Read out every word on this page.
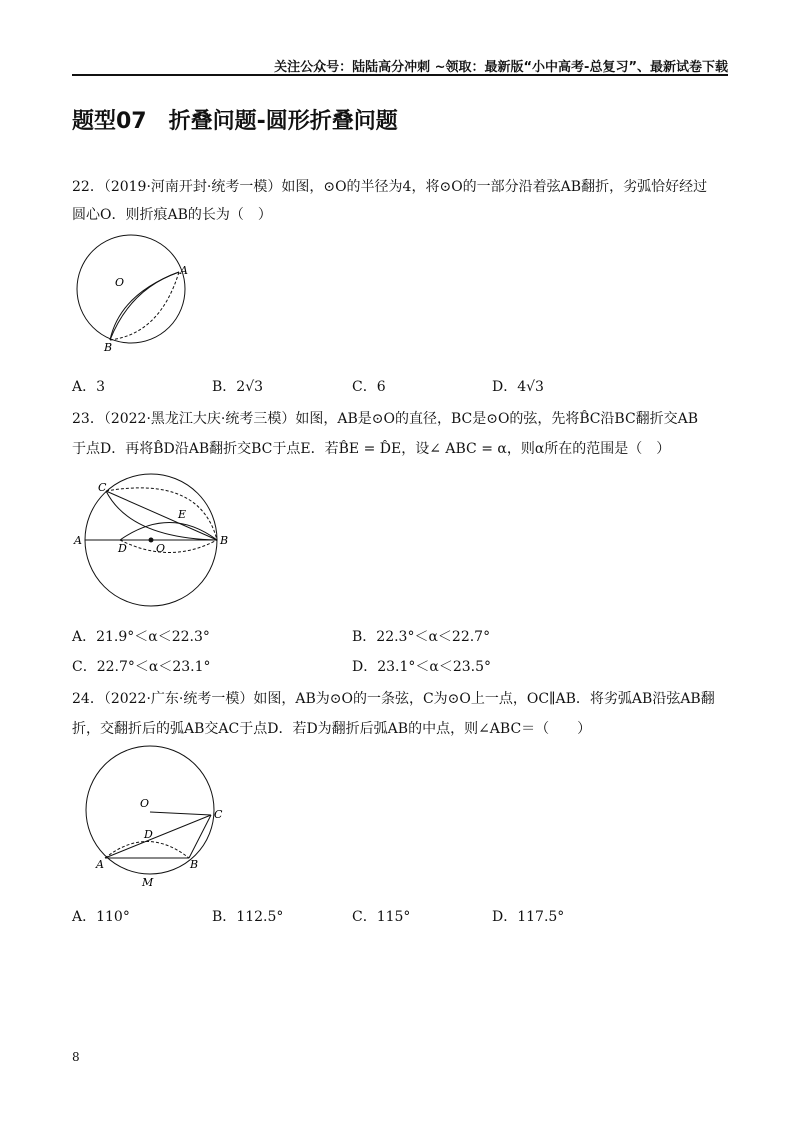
关注公众号：陆陆高分冲刺 ~领取：最新版“小中高考-总复习”、最新试卷下载
题型07　折叠问题-圆形折叠问题
22．（2019·河南开封·统考一模）如图，⊙O的半径为4，将⊙O的一部分沿着弦AB翻折，劣弧恰好经过
圆心O．则折痕AB的长为（　）
O
A
B
A．3	B．2√3	C．6	D．4√3
23．（2022·黑龙江大庆·统考三模）如图，AB是⊙O的直径，BC是⊙O的弦，先将B̂C沿BC翻折交AB
于点D．再将B̂D沿AB翻折交BC于点E．若B̂E = D̂E，设∠ ABC = α，则α所在的范围是（　）
C
E
A
D	O
B
A．21.9°＜α＜22.3°	B．22.3°＜α＜22.7°
C．22.7°＜α＜23.1°	D．23.1°＜α＜23.5°
24．（2022·广东·统考一模）如图，AB为⊙O的一条弦，C为⊙O上一点，OC∥AB．将劣弧AB沿弦AB翻
折，交翻折后的弧AB交AC于点D．若D为翻折后弧AB的中点，则∠ABC＝（　　）
O
C
D
A	B
M
A．110°	B．112.5°	C．115°	D．117.5°
8
